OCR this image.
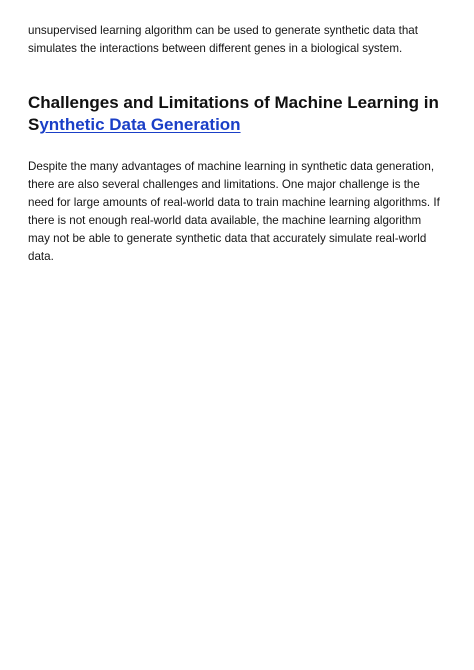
unsupervised learning algorithm can be used to generate synthetic data that simulates the interactions between different genes in a biological system.

Challenges and Limitations of Machine Learning in Synthetic Data Generation

Despite the many advantages of machine learning in synthetic data generation, there are also several challenges and limitations. One major challenge is the need for large amounts of real-world data to train machine learning algorithms. If there is not enough real-world data available, the machine learning algorithm may not be able to generate synthetic data that accurately simulate real-world data.
